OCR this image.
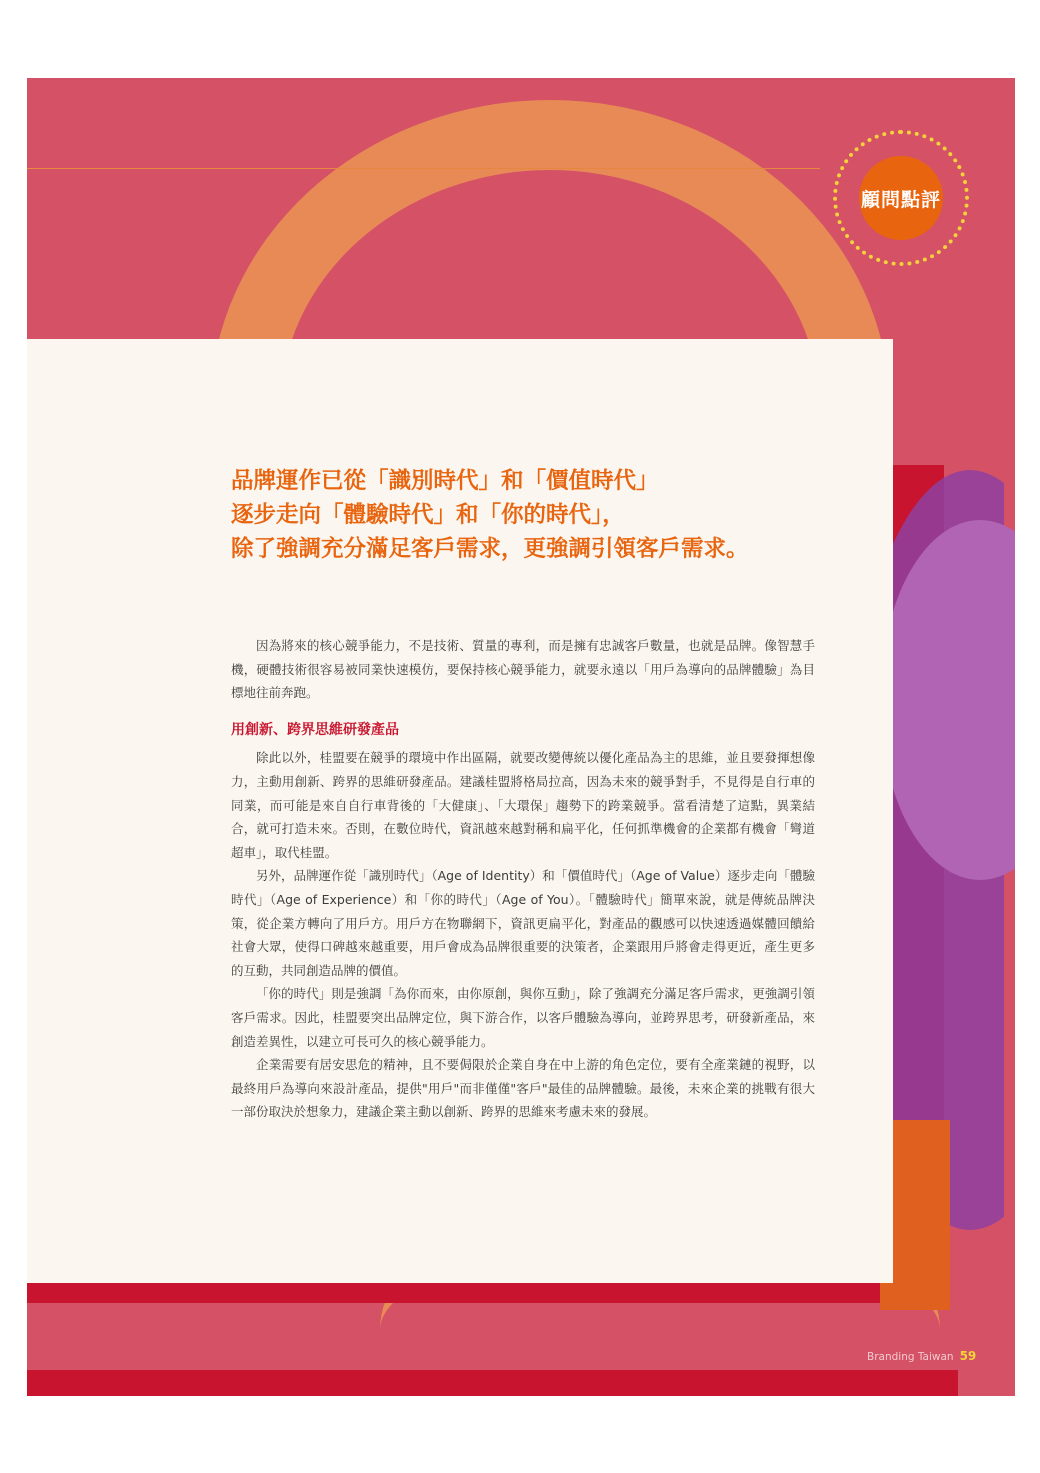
顧問點評
品牌運作已從「識別時代」和「價值時代」
逐步走向「體驗時代」和「你的時代」，
除了強調充分滿足客戶需求，更強調引領客戶需求。

因為將來的核心競爭能力，不是技術、質量的專利，而是擁有忠誠客戶數量，也就是品牌。像智慧手機，硬體技術很容易被同業快速模仿，要保持核心競爭能力，就要永遠以「用戶為導向的品牌體驗」為目標地往前奔跑。

用創新、跨界思維研發產品

除此以外，桂盟要在競爭的環境中作出區隔，就要改變傳統以優化產品為主的思維，並且要發揮想像力，主動用創新、跨界的思維研發產品。建議桂盟將格局拉高，因為未來的競爭對手，不見得是自行車的同業，而可能是來自自行車背後的「大健康」、「大環保」趨勢下的跨業競爭。當看清楚了這點，異業結合，就可打造未來。否則，在數位時代，資訊越來越對稱和扁平化，任何抓準機會的企業都有機會「彎道超車」，取代桂盟。

另外，品牌運作從「識別時代」（Age of Identity）和「價值時代」（Age of Value）逐步走向「體驗時代」（Age of Experience）和「你的時代」（Age of You）。「體驗時代」簡單來說，就是傳統品牌決策，從企業方轉向了用戶方。用戶方在物聯網下，資訊更扁平化，對產品的觀感可以快速透過媒體回饋給社會大眾，使得口碑越來越重要，用戶會成為品牌很重要的決策者，企業跟用戶將會走得更近，產生更多的互動，共同創造品牌的價值。

「你的時代」則是強調「為你而來，由你原創，與你互動」，除了強調充分滿足客戶需求，更強調引領客戶需求。因此，桂盟要突出品牌定位，與下游合作，以客戶體驗為導向，並跨界思考，研發新產品，來創造差異性，以建立可長可久的核心競爭能力。

企業需要有居安思危的精神，且不要侷限於企業自身在中上游的角色定位，要有全產業鏈的視野，以最終用戶為導向來設計產品，提供"用戶"而非僅僅"客戶"最佳的品牌體驗。最後，未來企業的挑戰有很大一部份取決於想象力，建議企業主動以創新、跨界的思維來考慮未來的發展。

Branding Taiwan 59
